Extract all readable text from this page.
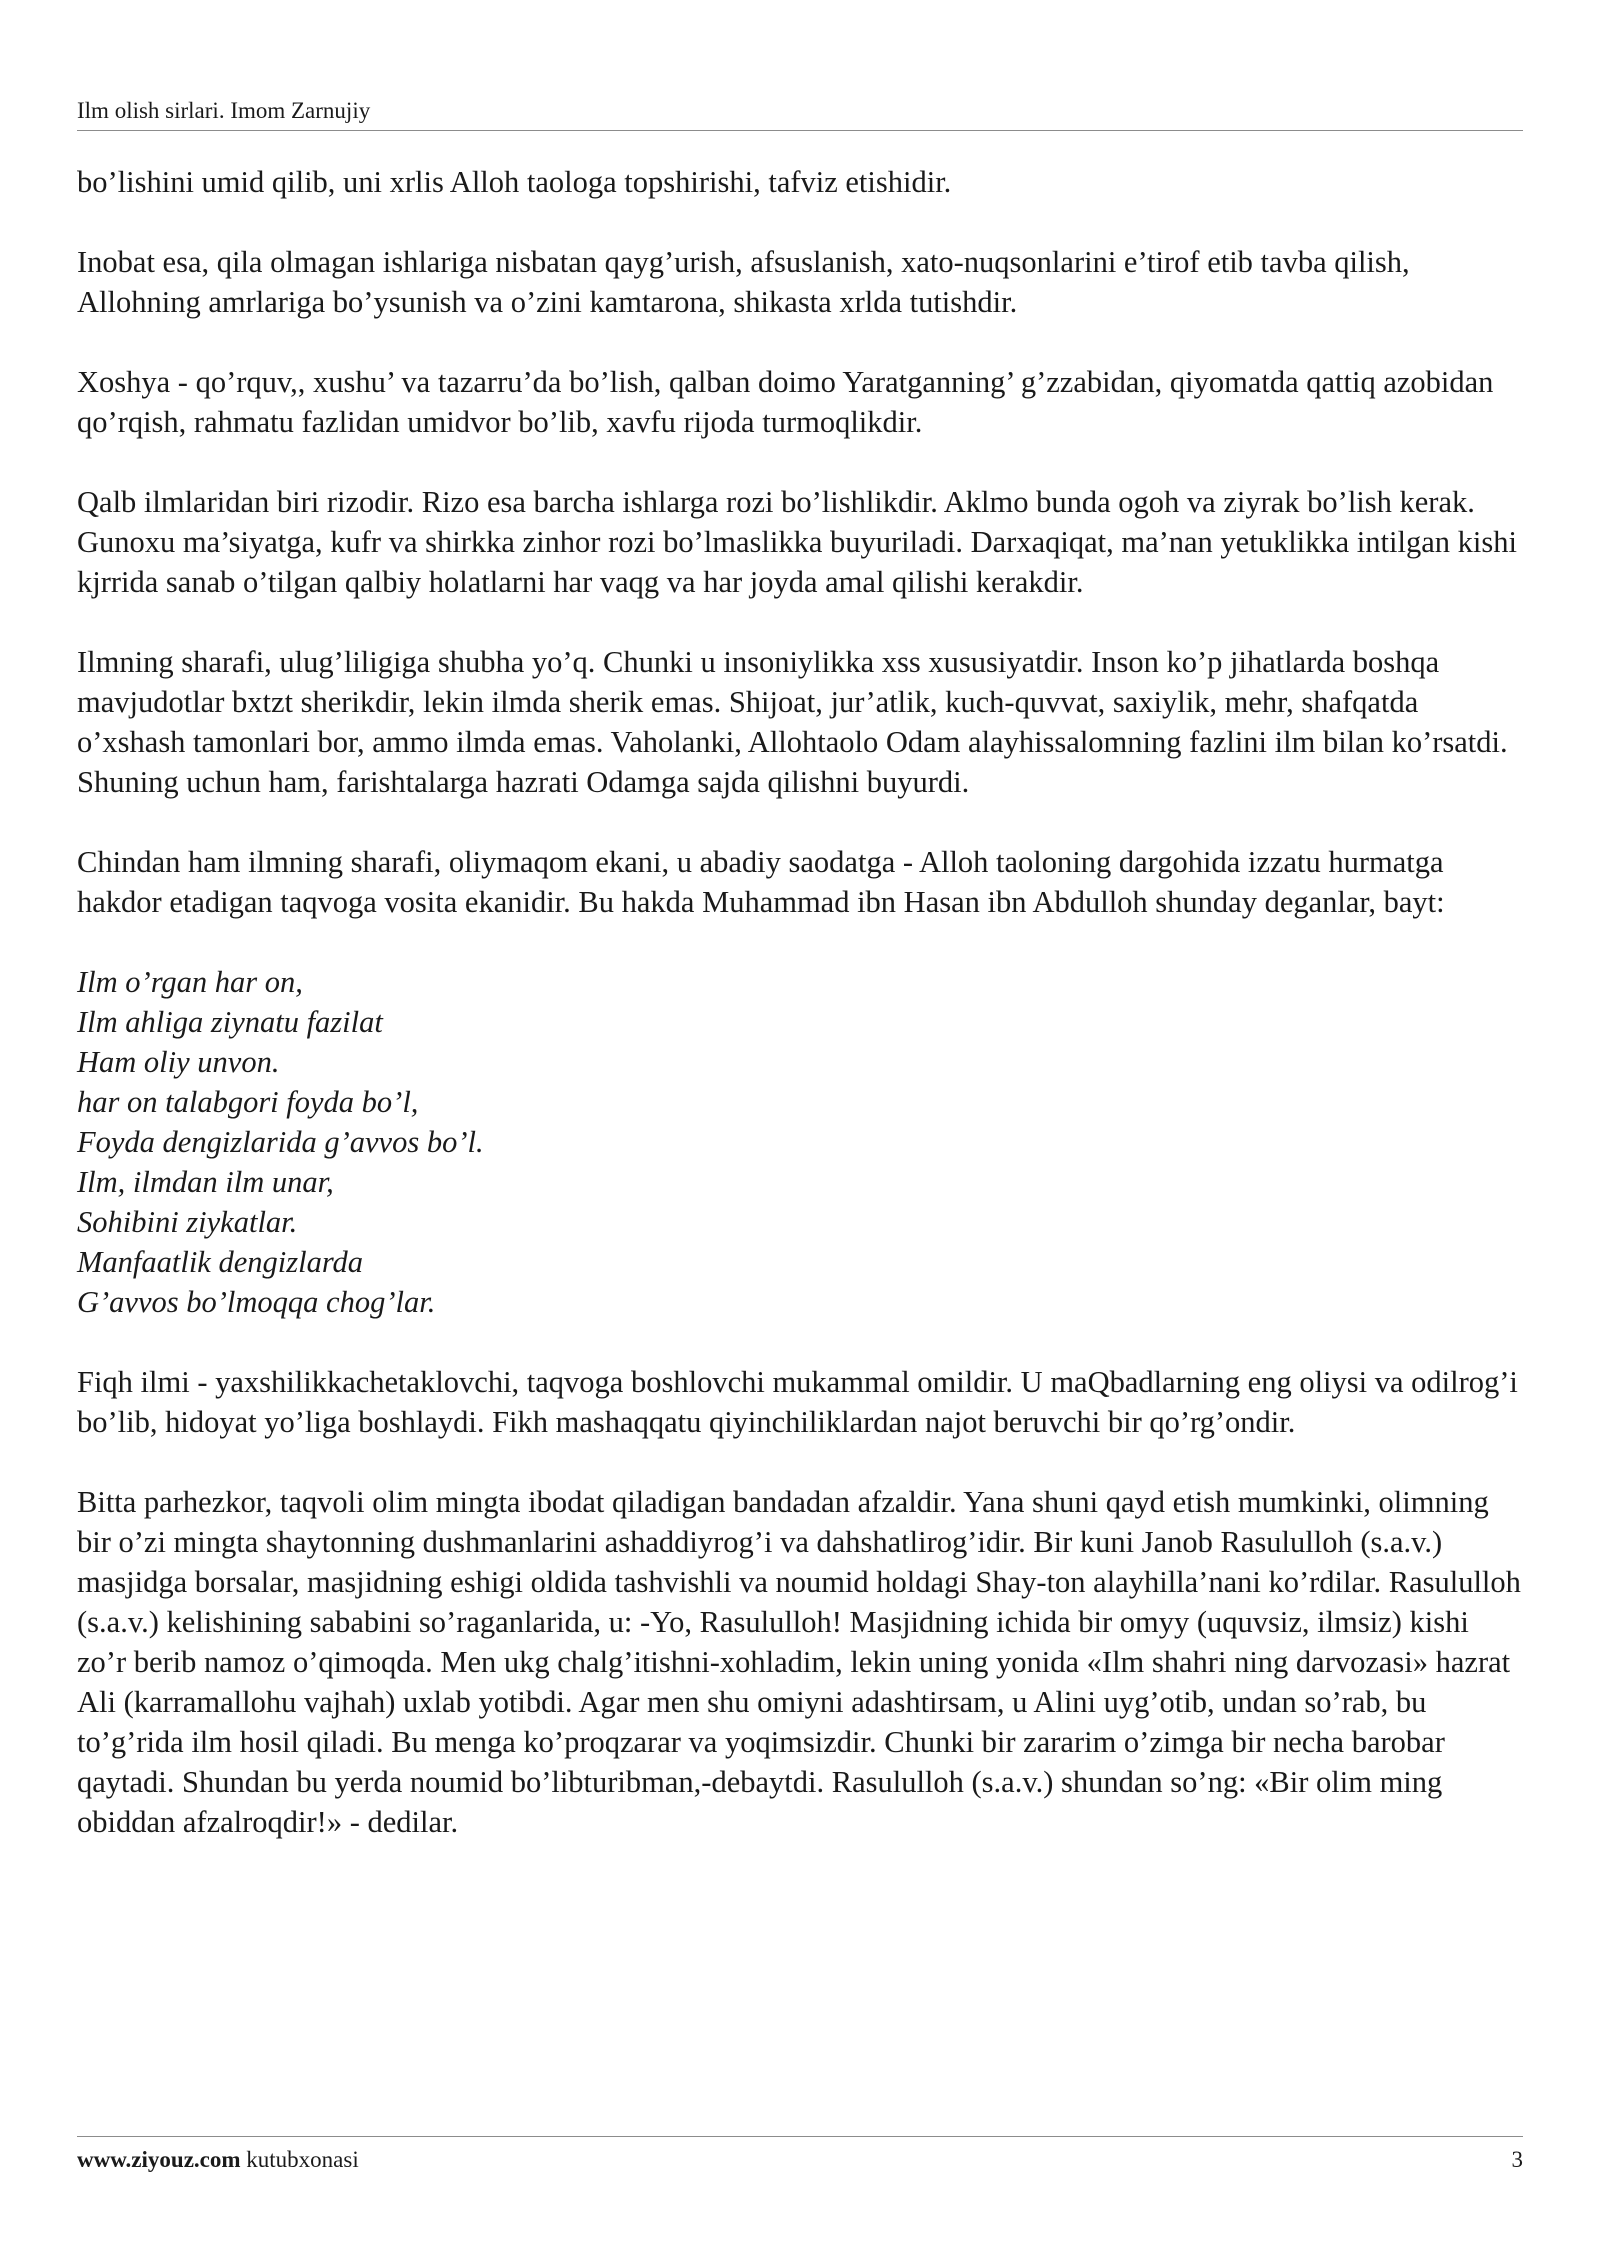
Ilm olish sirlari. Imom Zarnujiy

bo’lishini umid qilib, uni xrlis Alloh taologa topshirishi, tafviz etishidir.

Inobat esa, qila olmagan ishlariga nisbatan qayg’urish, afsuslanish, xato-nuqsonlarini e’tirof etib tavba qilish, Allohning amrlariga bo’ysunish va o’zini kamtarona, shikasta xrlda tutishdir.

Xoshya - qo’rquv,, xushu’ va tazarru’da bo’lish, qalban doimo Yaratganning’ g’zzabidan, qiyomatda qattiq azobidan qo’rqish, rahmatu fazlidan umidvor bo’lib, xavfu rijoda turmoqlikdir.

Qalb ilmlaridan biri rizodir. Rizo esa barcha ishlarga rozi bo’lishlikdir. Aklmo bunda ogoh va ziyrak bo’lish kerak. Gunoxu ma’siyatga, kufr va shirkka zinhor rozi bo’lmaslikka buyuriladi. Darxaqiqat, ma’nan yetuklikka intilgan kishi kjrrida sanab o’tilgan qalbiy holatlarni har vaqg va har joyda amal qilishi kerakdir.

Ilmning sharafi, ulug’liligiga shubha yo’q. Chunki u insoniylikka xss xususiyatdir. Inson ko’p jihatlarda boshqa mavjudotlar bxtzt sherikdir, lekin ilmda sherik emas. Shijoat, jur’atlik, kuch-quvvat, saxiylik, mehr, shafqatda o’xshash tamonlari bor, ammo ilmda emas. Vaholanki, Allohtaolo Odam alayhissalomning fazlini ilm bilan ko’rsatdi. Shuning uchun ham, farishtalarga hazrati Odamga sajda qilishni buyurdi.

Chindan ham ilmning sharafi, oliymaqom ekani, u abadiy saodatga - Alloh taoloning dargohida izzatu hurmatga hakdor etadigan taqvoga vosita ekanidir. Bu hakda Muhammad ibn Hasan ibn Abdulloh shunday deganlar, bayt:

Ilm o’rgan har on,
Ilm ahliga ziynatu fazilat
Ham oliy unvon.
har on talabgori foyda bo’l,
Foyda dengizlarida g’avvos bo’l.
Ilm, ilmdan ilm unar,
Sohibini ziykatlar.
Manfaatlik dengizlarda
G’avvos bo’lmoqqa chog’lar.

Fiqh ilmi - yaxshilikkachetaklovchi, taqvoga boshlovchi mukammal omildir. U maQbadlarning eng oliysi va odilrog’i bo’lib, hidoyat yo’liga boshlaydi. Fikh mashaqqatu qiyinchiliklardan najot beruvchi bir qo’rg’ondir.

Bitta parhezkor, taqvoli olim mingta ibodat qiladigan bandadan afzaldir. Yana shuni qayd etish mumkinki, olimning bir o’zi mingta shaytonning dushmanlarini ashaddiyrog’i va dahshatlirog’idir. Bir kuni Janob Rasululloh (s.a.v.) masjidga borsalar, masjidning eshigi oldida tashvishli va noumid holdagi Shay-ton alayhilla’nani ko’rdilar. Rasululloh (s.a.v.) kelishining sababini so’raganlarida, u: -Yo, Rasululloh! Masjidning ichida bir omyy (uquvsiz, ilmsiz) kishi zo’r berib namoz o’qimoqda. Men ukg chalg’itishni-xohladim, lekin uning yonida «Ilm shahri ning darvozasi» hazrat Ali (karramallohu vajhah) uxlab yotibdi. Agar men shu omiyni adashtirsam, u Alini uyg’otib, undan so’rab, bu to’g’rida ilm hosil qiladi. Bu menga ko’proqzarar va yoqimsizdir. Chunki bir zararim o’zimga bir necha barobar qaytadi. Shundan bu yerda noumid bo’libturibman,-debaytdi. Rasululloh (s.a.v.) shundan so’ng: «Bir olim ming obiddan afzalroqdir!» - dedilar.

www.ziyouz.com kutubxonasi	3
